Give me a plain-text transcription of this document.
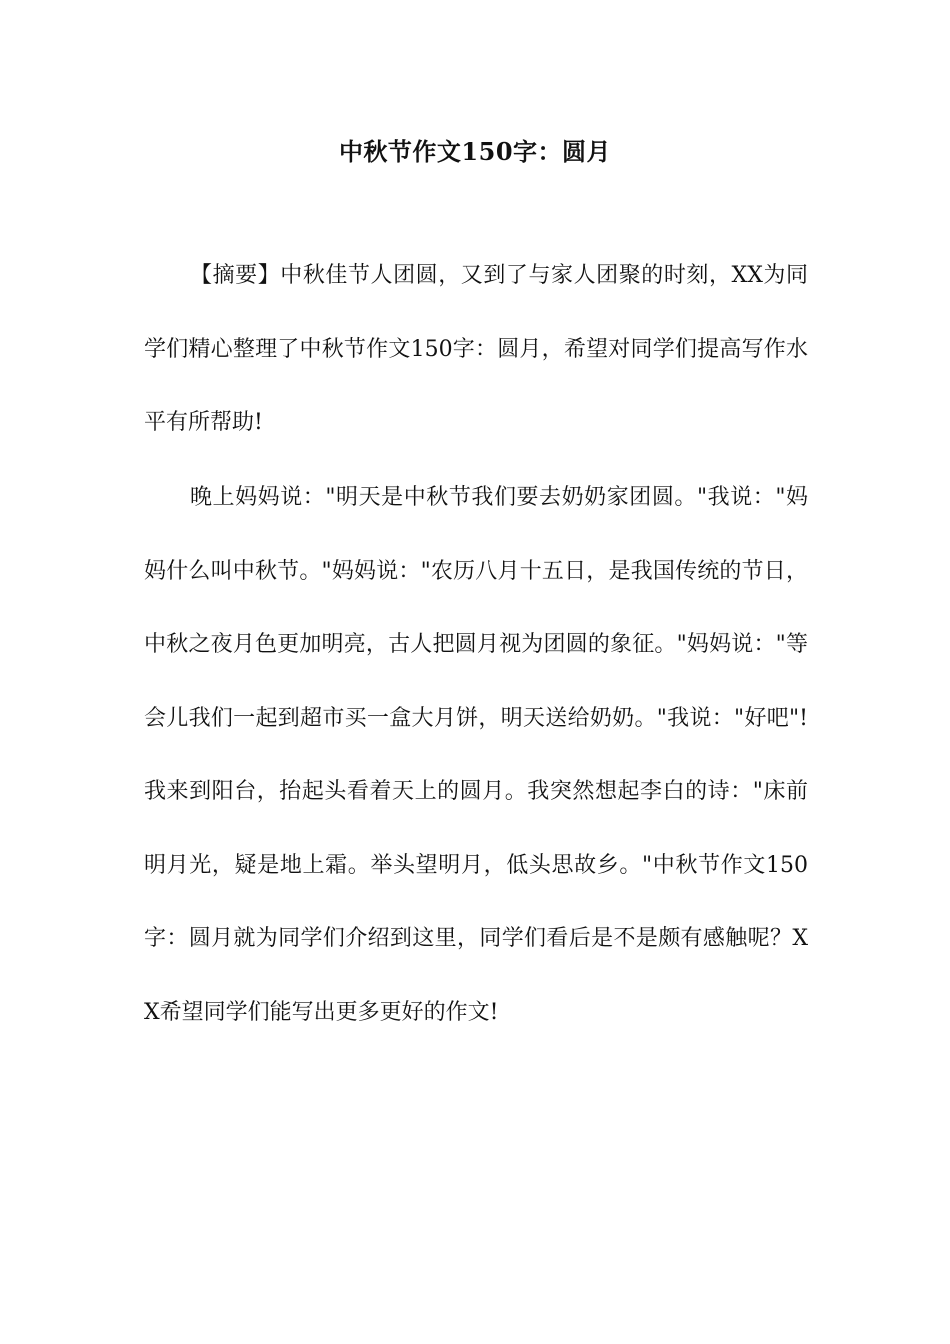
中秋节作文150字：圆月

【摘要】中秋佳节人团圆，又到了与家人团聚的时刻，XX为同学们精心整理了中秋节作文150字：圆月，希望对同学们提高写作水平有所帮助!

晚上妈妈说："明天是中秋节我们要去奶奶家团圆。"我说："妈妈什么叫中秋节。"妈妈说："农历八月十五日，是我国传统的节日，中秋之夜月色更加明亮，古人把圆月视为团圆的象征。"妈妈说："等会儿我们一起到超市买一盒大月饼，明天送给奶奶。"我说："好吧"!我来到阳台，抬起头看着天上的圆月。我突然想起李白的诗："床前明月光，疑是地上霜。举头望明月，低头思故乡。"中秋节作文150字：圆月就为同学们介绍到这里，同学们看后是不是颇有感触呢？XX希望同学们能写出更多更好的作文!
